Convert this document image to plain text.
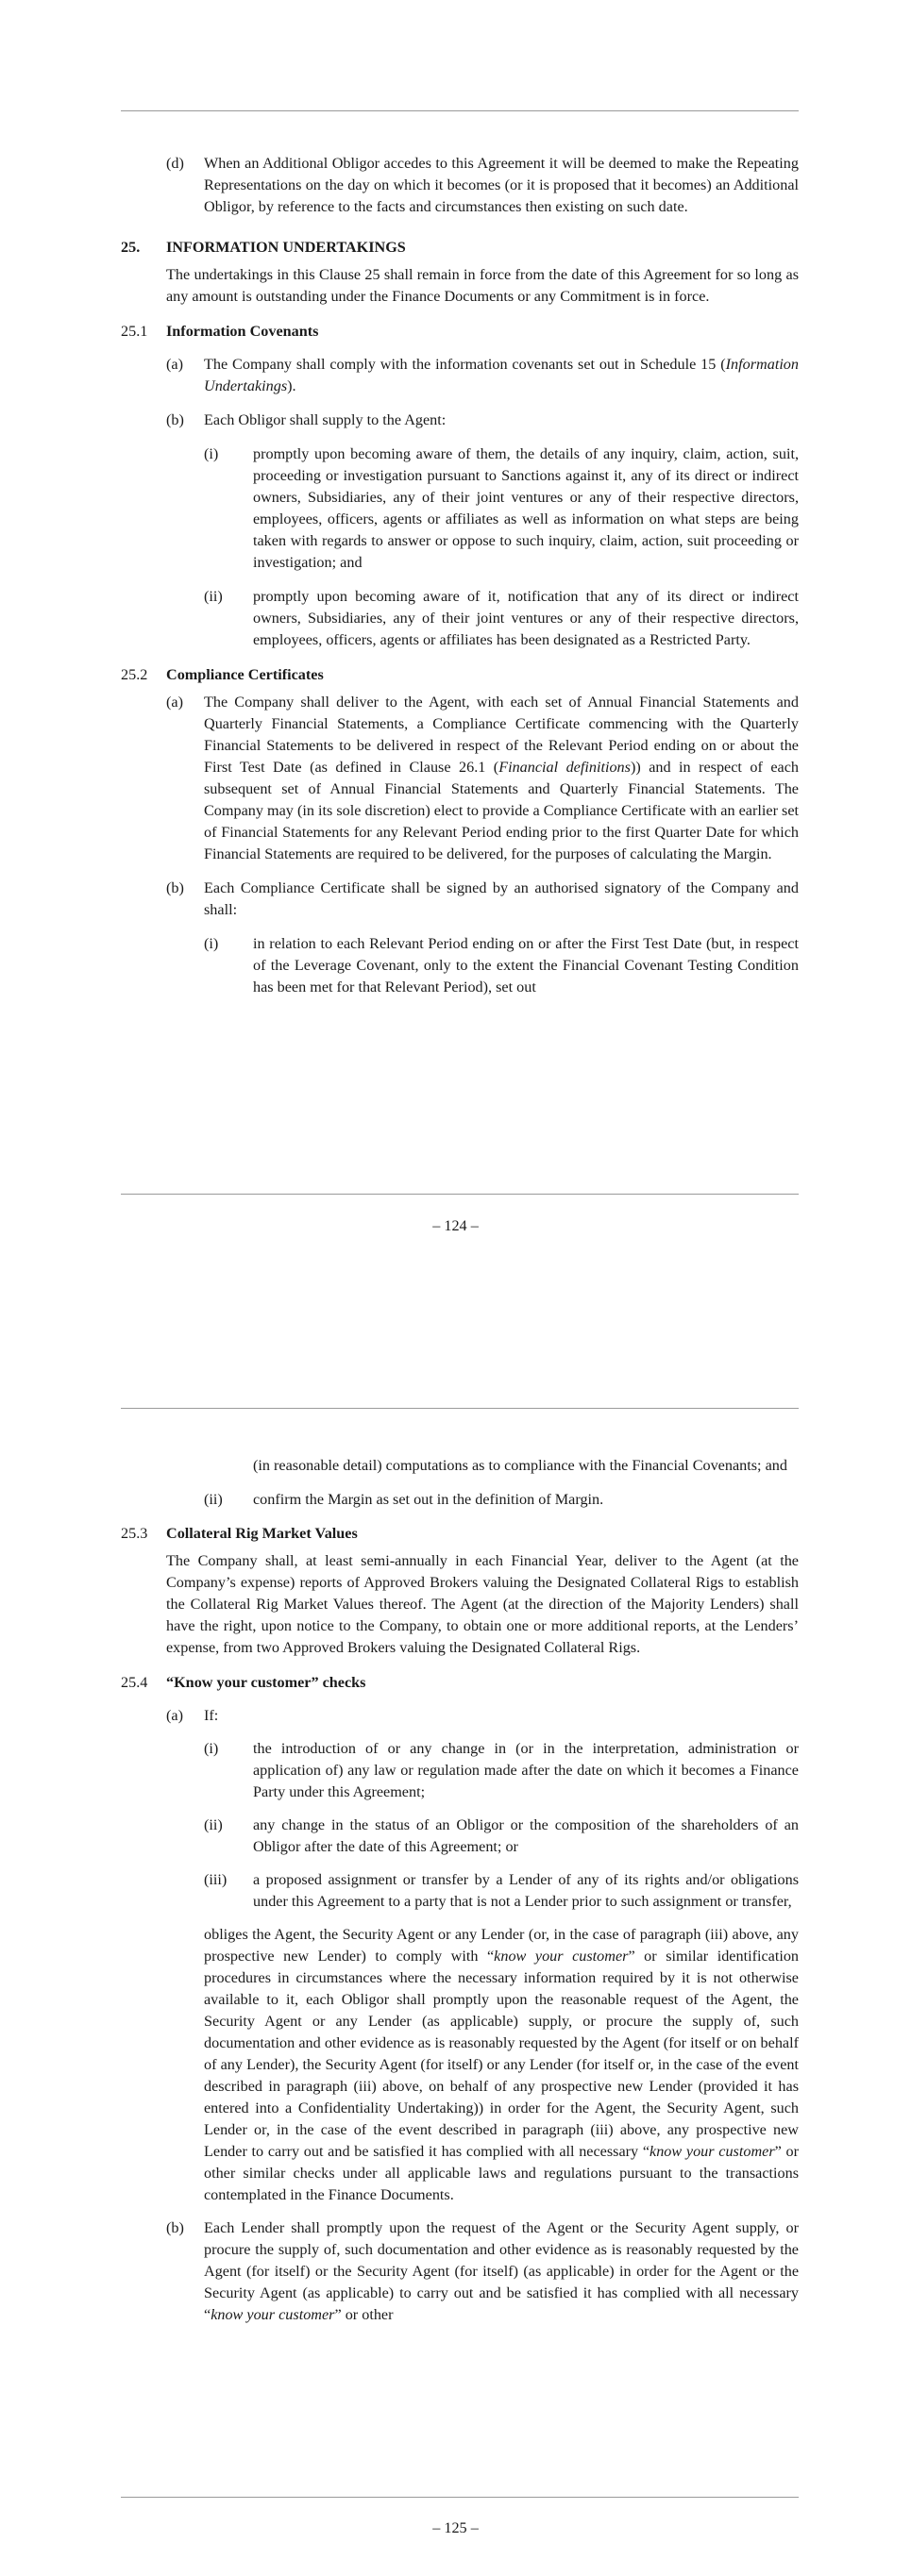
(d) When an Additional Obligor accedes to this Agreement it will be deemed to make the Repeating Representations on the day on which it becomes (or it is proposed that it becomes) an Additional Obligor, by reference to the facts and circumstances then existing on such date.
25. INFORMATION UNDERTAKINGS
The undertakings in this Clause 25 shall remain in force from the date of this Agreement for so long as any amount is outstanding under the Finance Documents or any Commitment is in force.
25.1 Information Covenants
(a) The Company shall comply with the information covenants set out in Schedule 15 (Information Undertakings).
(b) Each Obligor shall supply to the Agent:
(i) promptly upon becoming aware of them, the details of any inquiry, claim, action, suit, proceeding or investigation pursuant to Sanctions against it, any of its direct or indirect owners, Subsidiaries, any of their joint ventures or any of their respective directors, employees, officers, agents or affiliates as well as information on what steps are being taken with regards to answer or oppose to such inquiry, claim, action, suit proceeding or investigation; and
(ii) promptly upon becoming aware of it, notification that any of its direct or indirect owners, Subsidiaries, any of their joint ventures or any of their respective directors, employees, officers, agents or affiliates has been designated as a Restricted Party.
25.2 Compliance Certificates
(a) The Company shall deliver to the Agent, with each set of Annual Financial Statements and Quarterly Financial Statements, a Compliance Certificate commencing with the Quarterly Financial Statements to be delivered in respect of the Relevant Period ending on or about the First Test Date (as defined in Clause 26.1 (Financial definitions)) and in respect of each subsequent set of Annual Financial Statements and Quarterly Financial Statements. The Company may (in its sole discretion) elect to provide a Compliance Certificate with an earlier set of Financial Statements for any Relevant Period ending prior to the first Quarter Date for which Financial Statements are required to be delivered, for the purposes of calculating the Margin.
(b) Each Compliance Certificate shall be signed by an authorised signatory of the Company and shall:
(i) in relation to each Relevant Period ending on or after the First Test Date (but, in respect of the Leverage Covenant, only to the extent the Financial Covenant Testing Condition has been met for that Relevant Period), set out
– 124 –
(in reasonable detail) computations as to compliance with the Financial Covenants; and
(ii) confirm the Margin as set out in the definition of Margin.
25.3 Collateral Rig Market Values
The Company shall, at least semi-annually in each Financial Year, deliver to the Agent (at the Company’s expense) reports of Approved Brokers valuing the Designated Collateral Rigs to establish the Collateral Rig Market Values thereof. The Agent (at the direction of the Majority Lenders) shall have the right, upon notice to the Company, to obtain one or more additional reports, at the Lenders’ expense, from two Approved Brokers valuing the Designated Collateral Rigs.
25.4 “Know your customer” checks
(a) If:
(i) the introduction of or any change in (or in the interpretation, administration or application of) any law or regulation made after the date on which it becomes a Finance Party under this Agreement;
(ii) any change in the status of an Obligor or the composition of the shareholders of an Obligor after the date of this Agreement; or
(iii) a proposed assignment or transfer by a Lender of any of its rights and/or obligations under this Agreement to a party that is not a Lender prior to such assignment or transfer,
obliges the Agent, the Security Agent or any Lender (or, in the case of paragraph (iii) above, any prospective new Lender) to comply with “know your customer” or similar identification procedures in circumstances where the necessary information required by it is not otherwise available to it, each Obligor shall promptly upon the reasonable request of the Agent, the Security Agent or any Lender (as applicable) supply, or procure the supply of, such documentation and other evidence as is reasonably requested by the Agent (for itself or on behalf of any Lender), the Security Agent (for itself) or any Lender (for itself or, in the case of the event described in paragraph (iii) above, on behalf of any prospective new Lender (provided it has entered into a Confidentiality Undertaking)) in order for the Agent, the Security Agent, such Lender or, in the case of the event described in paragraph (iii) above, any prospective new Lender to carry out and be satisfied it has complied with all necessary “know your customer” or other similar checks under all applicable laws and regulations pursuant to the transactions contemplated in the Finance Documents.
(b) Each Lender shall promptly upon the request of the Agent or the Security Agent supply, or procure the supply of, such documentation and other evidence as is reasonably requested by the Agent (for itself) or the Security Agent (for itself) (as applicable) in order for the Agent or the Security Agent (as applicable) to carry out and be satisfied it has complied with all necessary “know your customer” or other
– 125 –
